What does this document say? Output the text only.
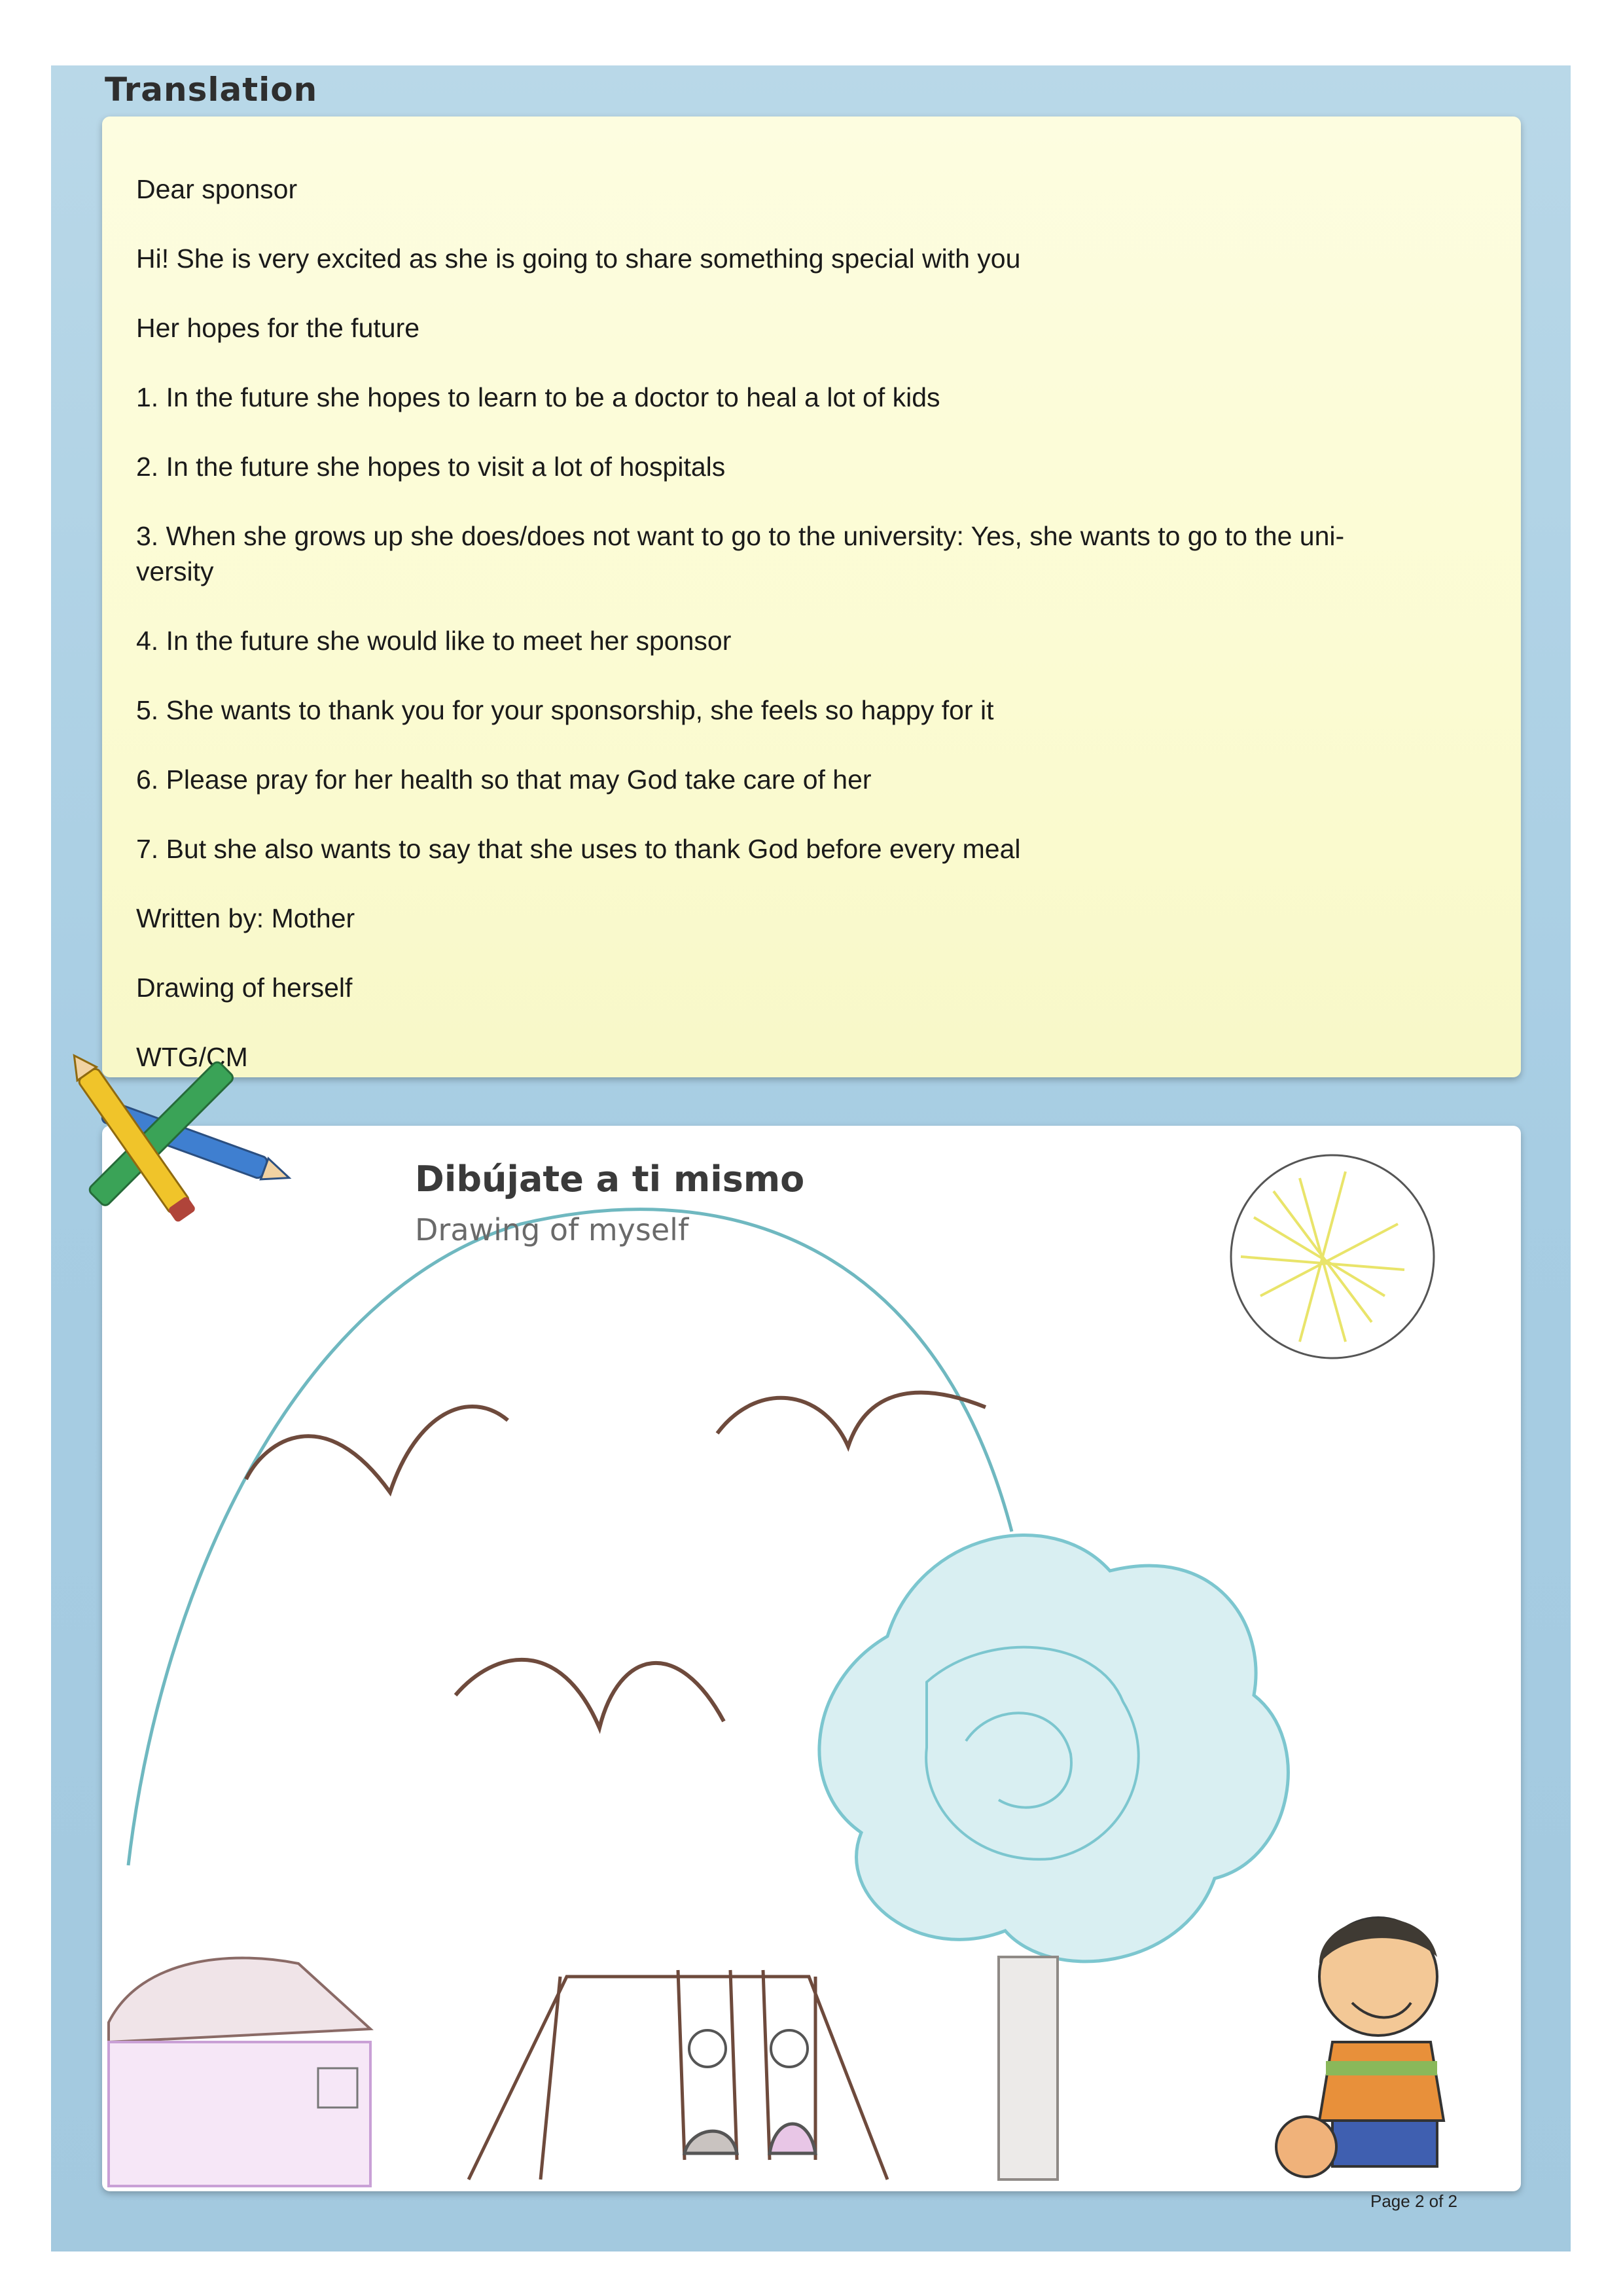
Translation

Dear sponsor

Hi! She is very excited as she is going to share something special with you

Her hopes for the future

1. In the future she hopes to learn to be a doctor to heal a lot of kids

2. In the future she hopes to visit a lot of hospitals

3. When she grows up she does/does not want to go to the university: Yes, she wants to go to the uni-
versity

4. In the future she would like to meet her sponsor

5. She wants to thank you for your sponsorship, she feels so happy for it

6. Please pray for her health so that may God take care of her

7. But she also wants to say that she uses to thank God before every meal

Written by: Mother

Drawing of herself

WTG/CM

Dibújate a ti mismo
Drawing of myself
Page 2 of 2
